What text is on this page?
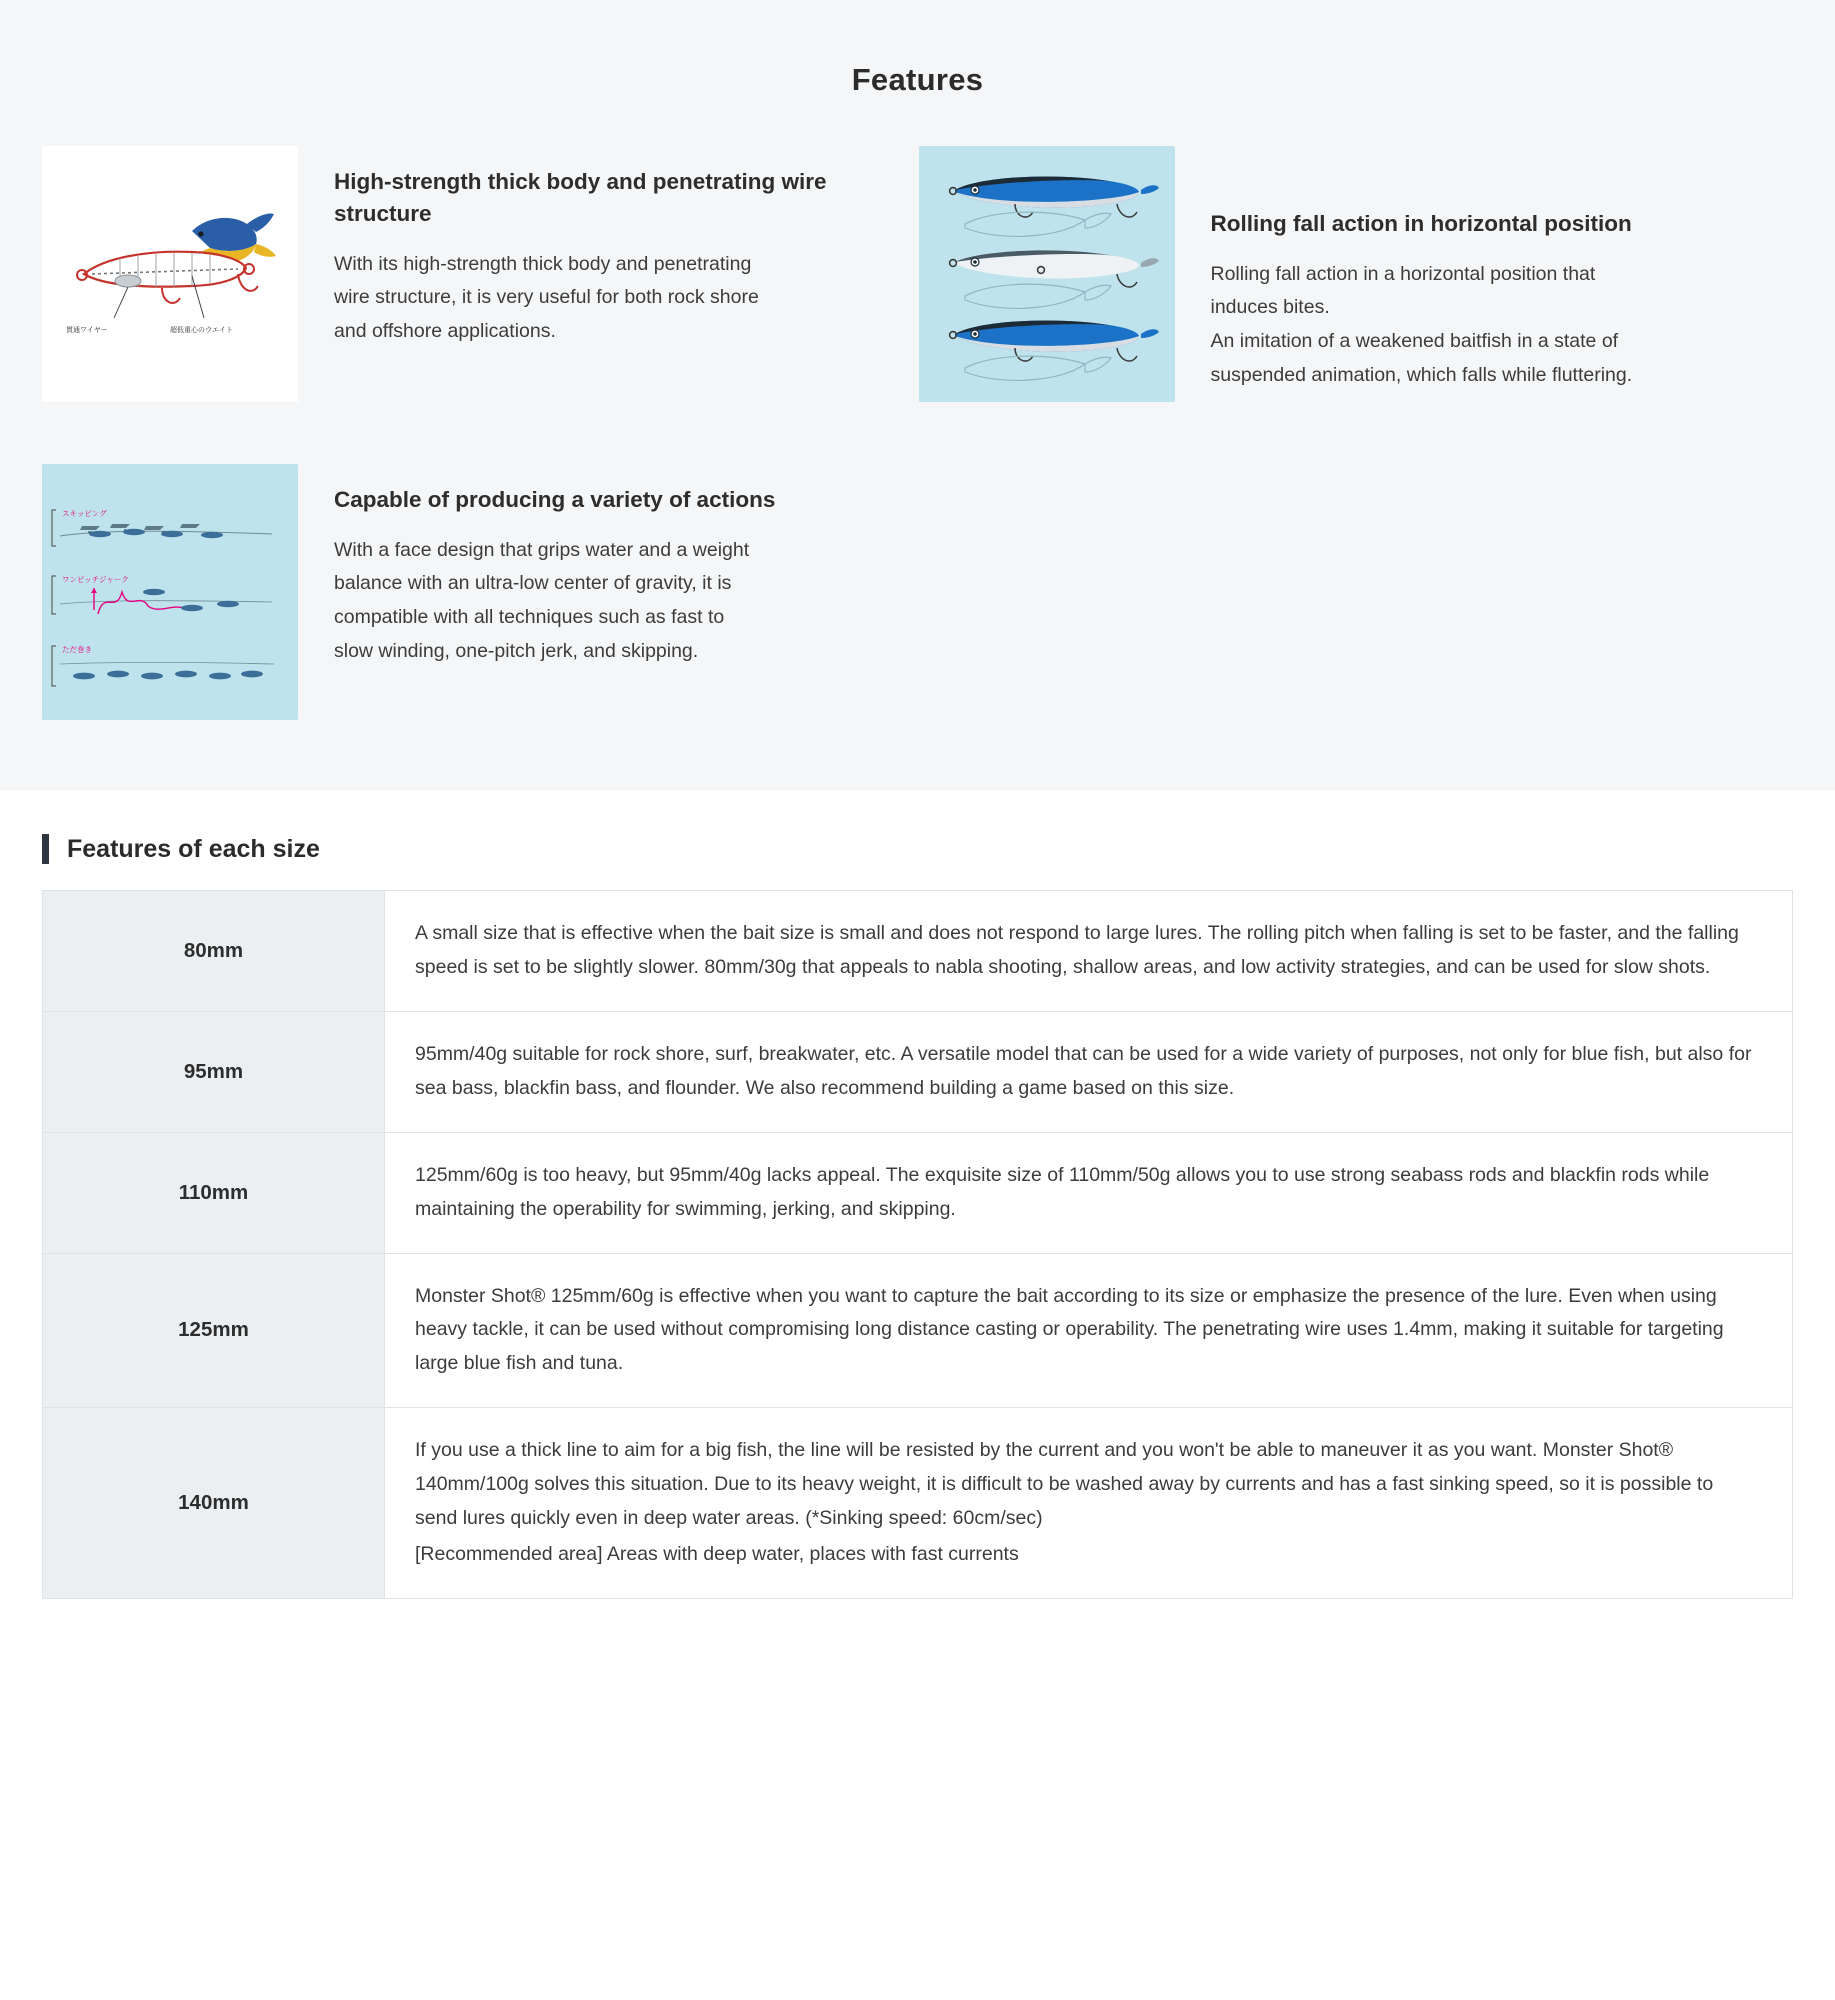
Features
貫通ワイヤー	超低重心のウエイト
High-strength thick body and penetrating wire structure
With its high-strength thick body and penetrating
wire structure, it is very useful for both rock shore
and offshore applications.
Rolling fall action in horizontal position
Rolling fall action in a horizontal position that
induces bites.
An imitation of a weakened baitfish in a state of
suspended animation, which falls while fluttering.
スキッピング
ワンピッチジャーク
ただ巻き
Capable of producing a variety of actions
With a face design that grips water and a weight
balance with an ultra-low center of gravity, it is
compatible with all techniques such as fast to
slow winding, one-pitch jerk, and skipping.
Features of each size
80mm	A small size that is effective when the bait size is small and does not respond to large lures. The rolling pitch when falling is set to be faster, and the falling speed is set to be slightly slower. 80mm/30g that appeals to nabla shooting, shallow areas, and low activity strategies, and can be used for slow shots.

95mm	95mm/40g suitable for rock shore, surf, breakwater, etc. A versatile model that can be used for a wide variety of purposes, not only for blue fish, but also for sea bass, blackfin bass, and flounder. We also recommend building a game based on this size.

110mm	125mm/60g is too heavy, but 95mm/40g lacks appeal. The exquisite size of 110mm/50g allows you to use strong seabass rods and blackfin rods while maintaining the operability for swimming, jerking, and skipping.

125mm	Monster Shot® 125mm/60g is effective when you want to capture the bait according to its size or emphasize the presence of the lure. Even when using heavy tackle, it can be used without compromising long distance casting or operability. The penetrating wire uses 1.4mm, making it suitable for targeting large blue fish and tuna.

140mm	If you use a thick line to aim for a big fish, the line will be resisted by the current and you won't be able to maneuver it as you want. Monster Shot® 140mm/100g solves this situation. Due to its heavy weight, it is difficult to be washed away by currents and has a fast sinking speed, so it is possible to send lures quickly even in deep water areas. (*Sinking speed: 60cm/sec)

[Recommended area] Areas with deep water, places with fast currents
